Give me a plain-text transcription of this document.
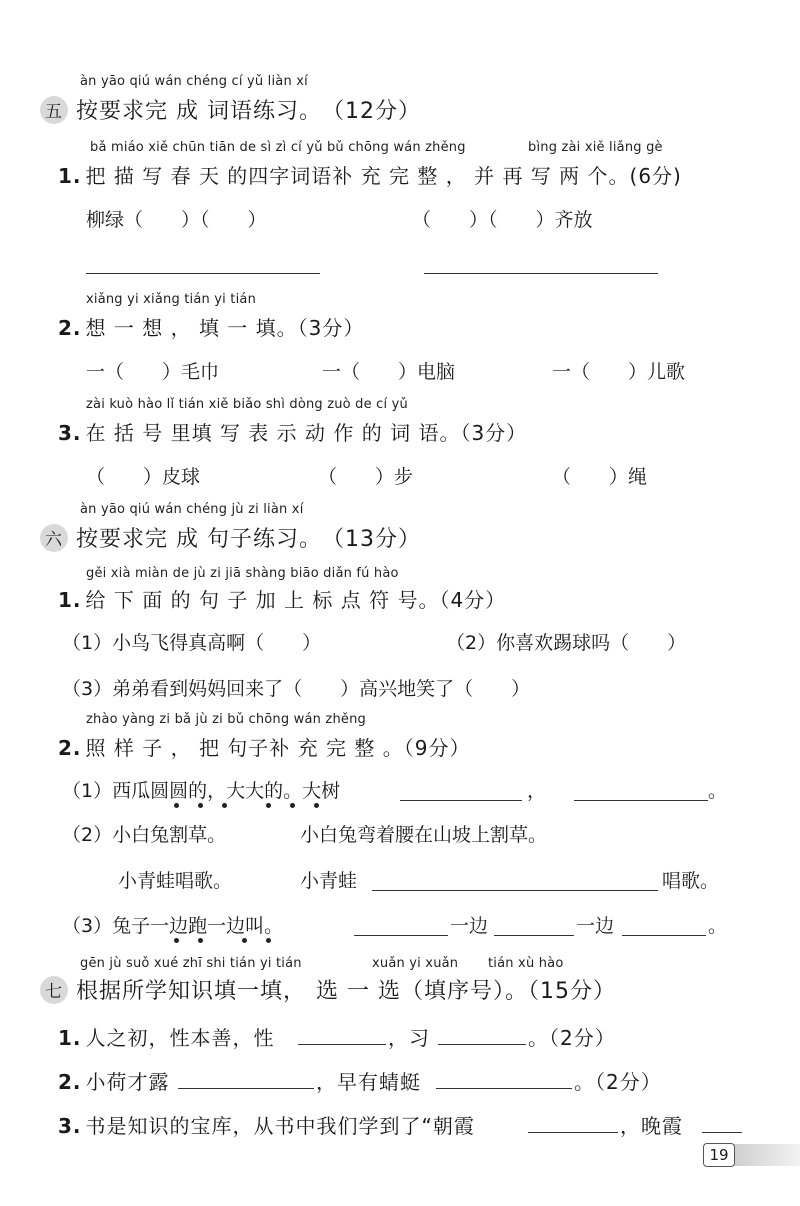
àn yāo qiú wán chéng cí yǔ liàn xí
五 按要求完 成 词语练习。 （12分）
bǎ miáo xiě chūn tiān de sì zì cí yǔ bǔ chōng wán zhěng	bìng zài xiě liǎng gè
1. 把 描 写 春 天 的四字词语补 充 完 整 ， 并 再 写 两 个。(6分)
柳绿（　　）（　　）	（　　）（　　）齐放
xiǎng yi xiǎng tián yi tián
2. 想 一 想 ， 填 一 填。（3分）
一（　　）毛巾	一（　　）电脑	一（　　）儿歌
zài kuò hào lǐ tián xiě biǎo shì dòng zuò de cí yǔ
3. 在 括 号 里填 写 表 示 动 作 的 词 语。（3分）
（　　）皮球	（　　）步	（　　）绳
àn yāo qiú wán chéng jù zi liàn xí
六 按要求完 成 句子练习。 （13分）
gěi xià miàn de jù zi jiā shàng biāo diǎn fú hào
1. 给 下 面 的 句 子 加 上 标 点 符 号。（4分）
（1）小鸟飞得真高啊（　　）	（2）你喜欢踢球吗（　　）
（3）弟弟看到妈妈回来了（　　）高兴地笑了（　　）
zhào yàng zi bǎ jù zi bǔ chōng wán zhěng
2. 照 样 子 ， 把 句子补 充 完 整 。（9分）
（1）西瓜圆圆的，大大的。大树	，	。
（2）小白兔割草。	小白兔弯着腰在山坡上割草。
小青蛙唱歌。	小青蛙	唱歌。
（3）兔子一边跑一边叫。	一边	一边	。
gēn jù suǒ xué zhī shi tián yi tián	xuǎn yi xuǎn tián xù hào
七 根据所学知识填一填， 选 一 选 （填序号）。（15分）
1. 人之初，性本善，性	，习	。（2分）
2. 小荷才露	，早有蜻蜓	。（2分）
3. 书是知识的宝库，从书中我们学到了“朝霞	，晚霞
19
